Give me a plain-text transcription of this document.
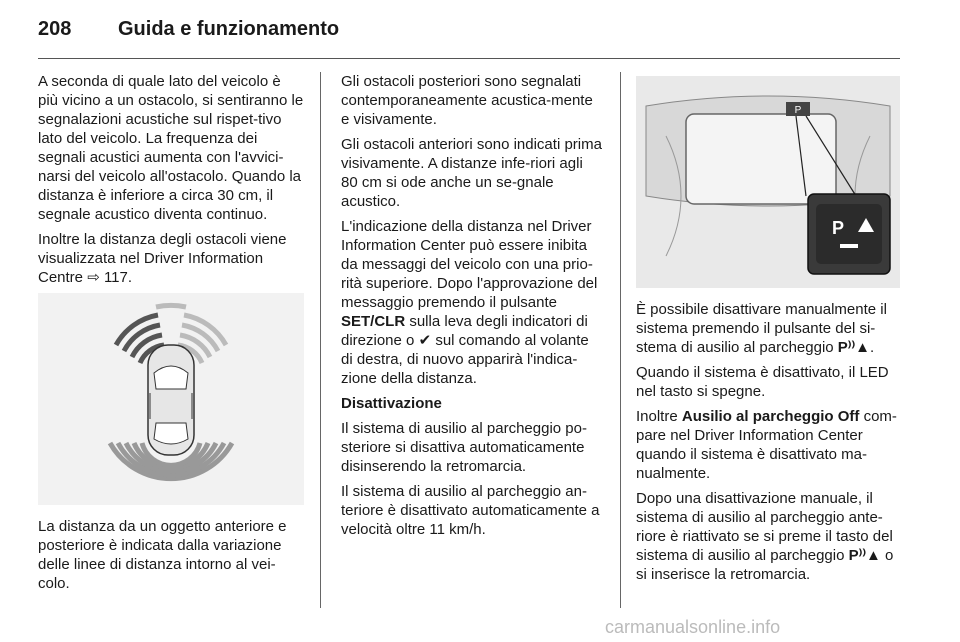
208 Guida e funzionamento

A seconda di quale lato del veicolo è più vicino a un ostacolo, si sentiranno le segnalazioni acustiche sul rispet-tivo lato del veicolo. La frequenza dei segnali acustici aumenta con l'avvici-narsi del veicolo all'ostacolo. Quando la distanza è inferiore a circa 30 cm, il segnale acustico diventa continuo.

Inoltre la distanza degli ostacoli viene visualizzata nel Driver Information Centre ⇨ 117.

La distanza da un oggetto anteriore e posteriore è indicata dalla variazione delle linee di distanza intorno al vei-colo.

Gli ostacoli posteriori sono segnalati contemporaneamente acustica-mente e visivamente.

Gli ostacoli anteriori sono indicati prima visivamente. A distanze infe-riori agli 80 cm si ode anche un se-gnale acustico.

L'indicazione della distanza nel Driver Information Center può essere inibita da messaggi del veicolo con una prio-rità superiore. Dopo l'approvazione del messaggio premendo il pulsante SET/CLR sulla leva degli indicatori di direzione o ✔ sul comando al volante di destra, di nuovo apparirà l'indica-zione della distanza.

Disattivazione

Il sistema di ausilio al parcheggio po-steriore si disattiva automaticamente disinserendo la retromarcia.

Il sistema di ausilio al parcheggio an-teriore è disattivato automaticamente a velocità oltre 11 km/h.

P
P

È possibile disattivare manualmente il sistema premendo il pulsante del si-stema di ausilio al parcheggio P⁾⁾▲.

Quando il sistema è disattivato, il LED nel tasto si spegne.

Inoltre Ausilio al parcheggio Off com-pare nel Driver Information Center quando il sistema è disattivato ma-nualmente.

Dopo una disattivazione manuale, il sistema di ausilio al parcheggio ante-riore è riattivato se si preme il tasto del sistema di ausilio al parcheggio P⁾⁾▲ o si inserisce la retromarcia.

carmanualsonline.info
